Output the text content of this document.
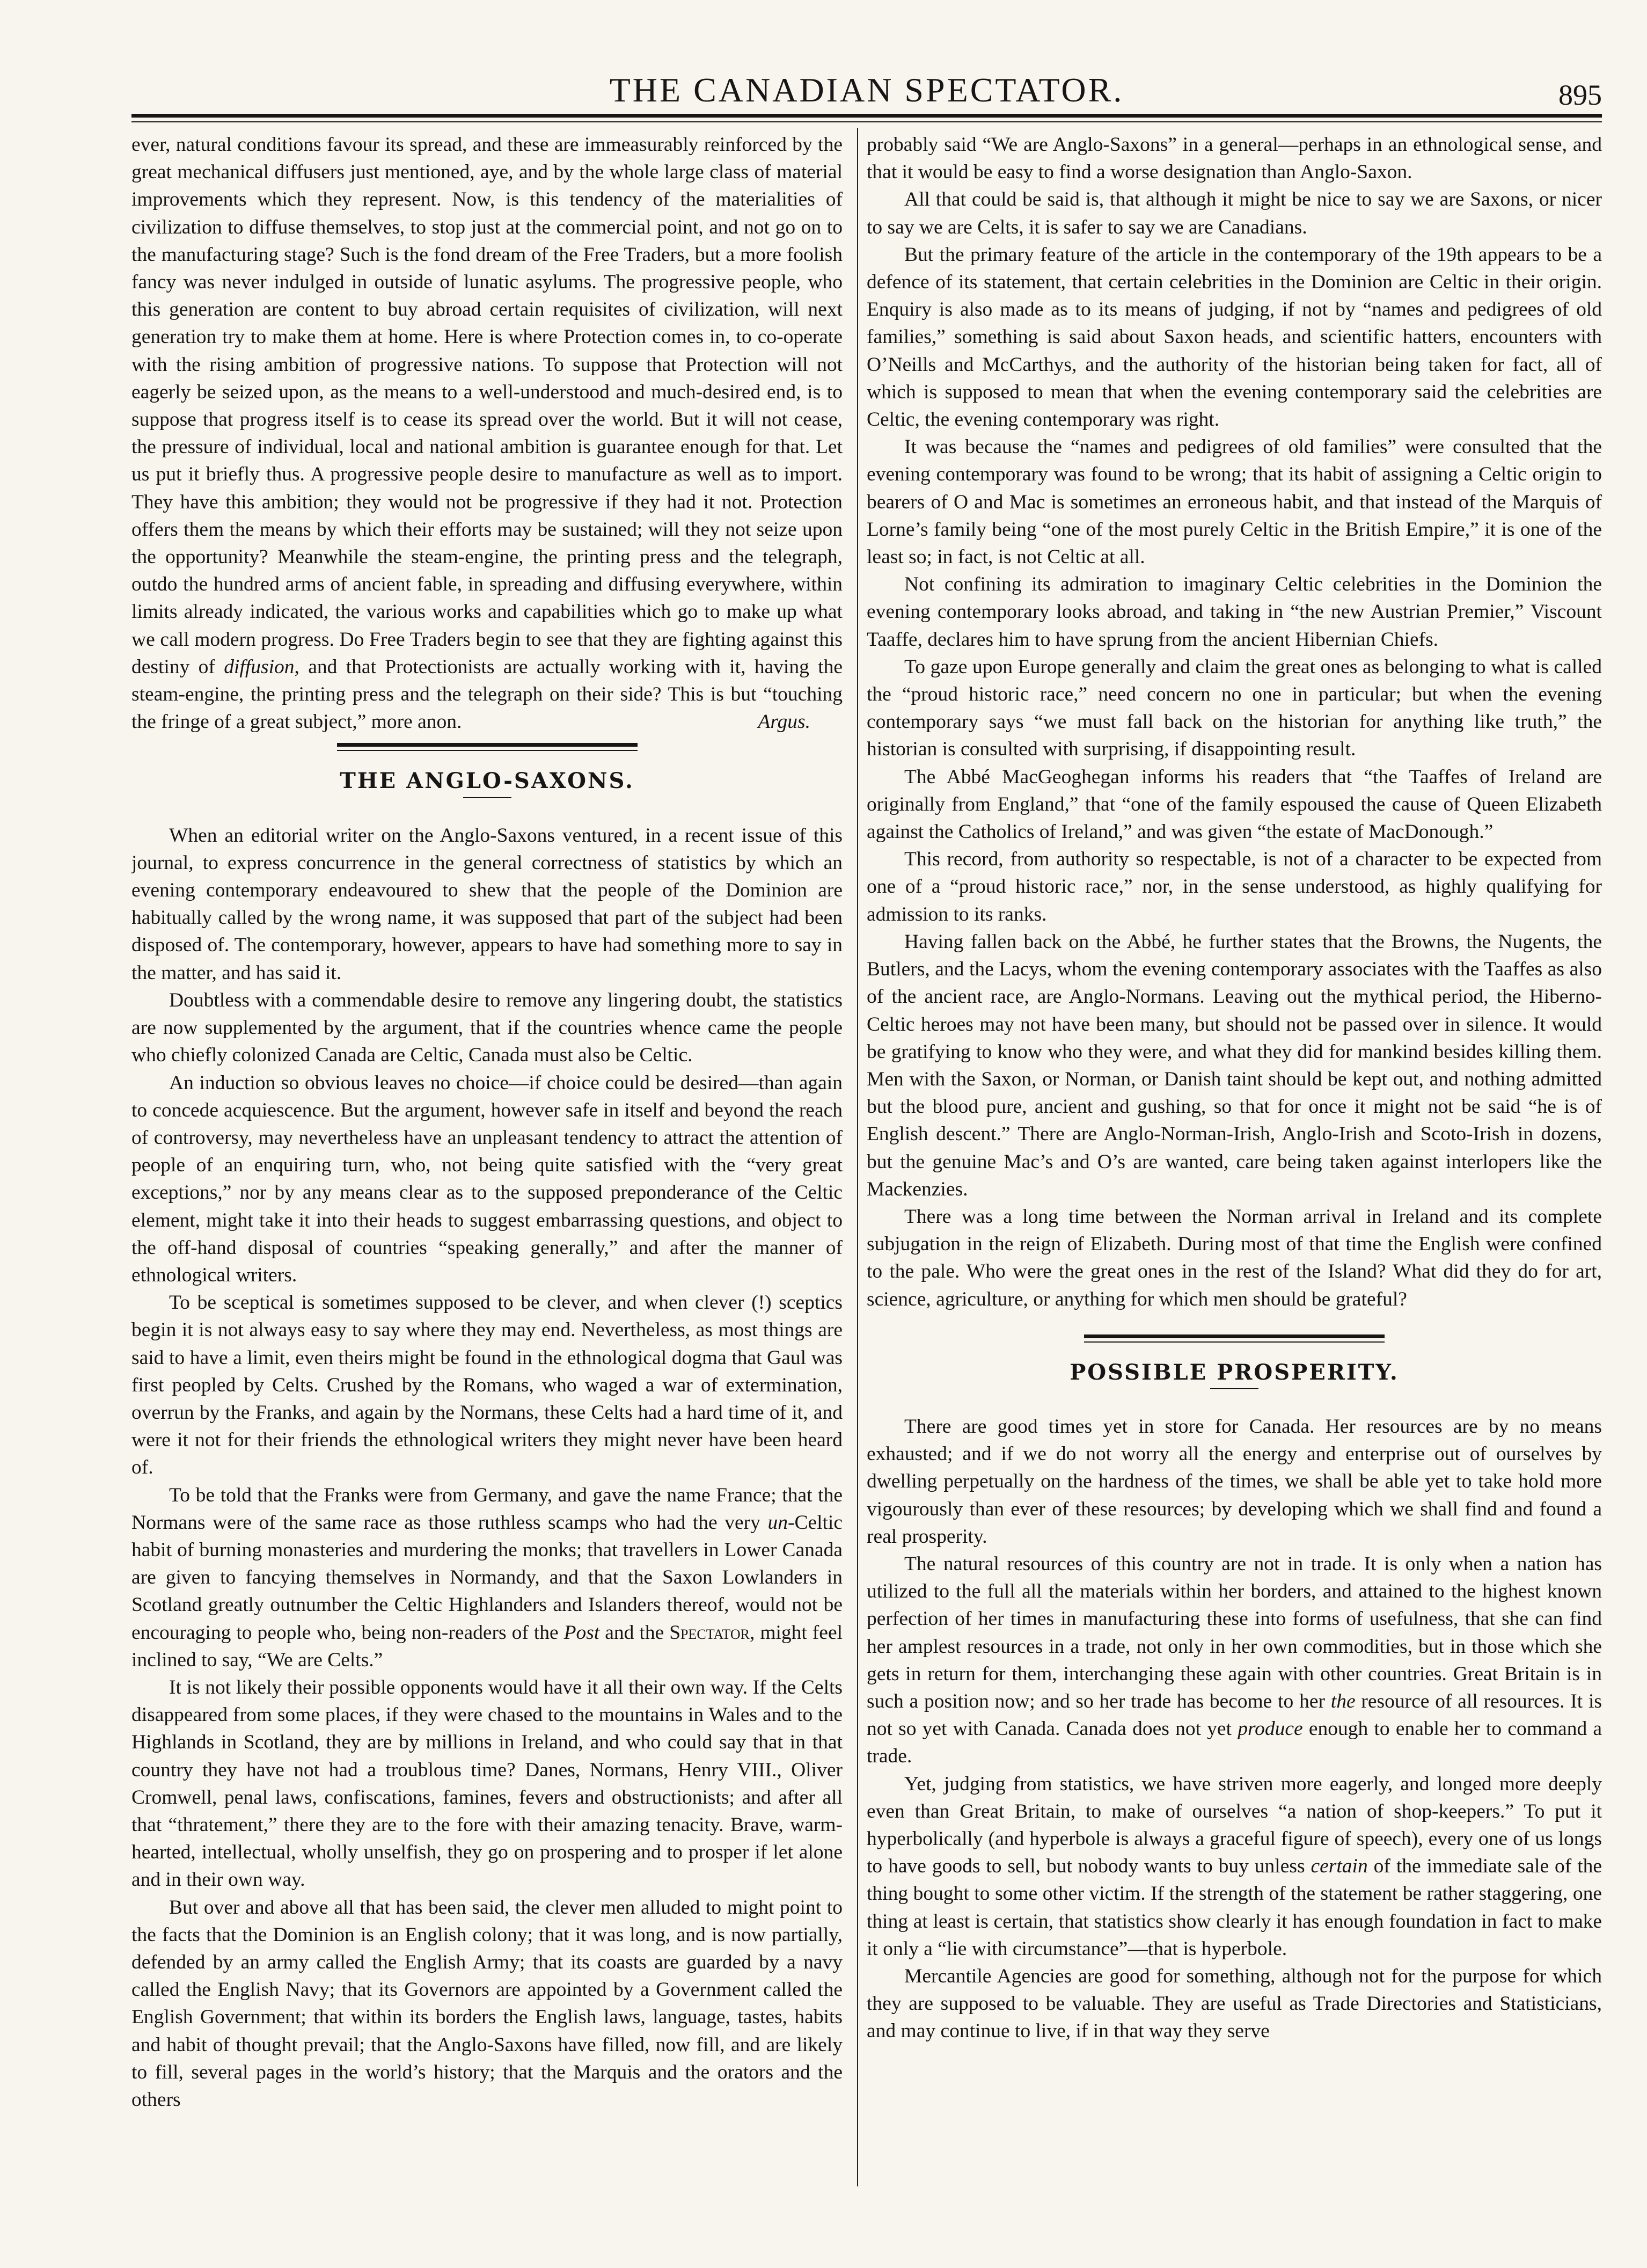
THE CANADIAN SPECTATOR.	895

ever, natural conditions favour its spread, and these are immeasurably reinforced by the great mechanical diffusers just mentioned, aye, and by the whole large class of material improvements which they represent. Now, is this tendency of the materialities of civilization to diffuse themselves, to stop just at the commercial point, and not go on to the manufacturing stage? Such is the fond dream of the Free Traders, but a more foolish fancy was never indulged in outside of lunatic asylums. The progressive people, who this generation are content to buy abroad certain requisites of civilization, will next generation try to make them at home. Here is where Protection comes in, to co-operate with the rising ambition of progressive nations. To suppose that Protection will not eagerly be seized upon, as the means to a well-understood and much-desired end, is to suppose that progress itself is to cease its spread over the world. But it will not cease, the pressure of individual, local and national ambition is guarantee enough for that. Let us put it briefly thus. A progressive people desire to manufacture as well as to import. They have this ambition; they would not be progressive if they had it not. Protection offers them the means by which their efforts may be sustained; will they not seize upon the opportunity? Meanwhile the steam-engine, the printing press and the telegraph, outdo the hundred arms of ancient fable, in spreading and diffusing everywhere, within limits already indicated, the various works and capabilities which go to make up what we call modern progress. Do Free Traders begin to see that they are fighting against this destiny of diffusion, and that Protectionists are actually working with it, having the steam-engine, the printing press and the telegraph on their side? This is but “touching the fringe of a great subject,” more anon.	Argus.

THE ANGLO-SAXONS.

When an editorial writer on the Anglo-Saxons ventured, in a recent issue of this journal, to express concurrence in the general correctness of statistics by which an evening contemporary endeavoured to shew that the people of the Dominion are habitually called by the wrong name, it was supposed that part of the subject had been disposed of. The contemporary, however, appears to have had something more to say in the matter, and has said it.

Doubtless with a commendable desire to remove any lingering doubt, the statistics are now supplemented by the argument, that if the countries whence came the people who chiefly colonized Canada are Celtic, Canada must also be Celtic.

An induction so obvious leaves no choice—if choice could be desired—than again to concede acquiescence. But the argument, however safe in itself and beyond the reach of controversy, may nevertheless have an unpleasant tendency to attract the attention of people of an enquiring turn, who, not being quite satisfied with the “very great exceptions,” nor by any means clear as to the supposed preponderance of the Celtic element, might take it into their heads to suggest embarrassing questions, and object to the off-hand disposal of countries “speaking generally,” and after the manner of ethnological writers.

To be sceptical is sometimes supposed to be clever, and when clever (!) sceptics begin it is not always easy to say where they may end. Nevertheless, as most things are said to have a limit, even theirs might be found in the ethnological dogma that Gaul was first peopled by Celts. Crushed by the Romans, who waged a war of extermination, overrun by the Franks, and again by the Normans, these Celts had a hard time of it, and were it not for their friends the ethnological writers they might never have been heard of.

To be told that the Franks were from Germany, and gave the name France; that the Normans were of the same race as those ruthless scamps who had the very un-Celtic habit of burning monasteries and murdering the monks; that travellers in Lower Canada are given to fancying themselves in Normandy, and that the Saxon Lowlanders in Scotland greatly outnumber the Celtic Highlanders and Islanders thereof, would not be encouraging to people who, being non-readers of the Post and the Spectator, might feel inclined to say, “We are Celts.”

It is not likely their possible opponents would have it all their own way. If the Celts disappeared from some places, if they were chased to the mountains in Wales and to the Highlands in Scotland, they are by millions in Ireland, and who could say that in that country they have not had a troublous time? Danes, Normans, Henry VIII., Oliver Cromwell, penal laws, confiscations, famines, fevers and obstructionists; and after all that “thratement,” there they are to the fore with their amazing tenacity. Brave, warm-hearted, intellectual, wholly unselfish, they go on prospering and to prosper if let alone and in their own way.

But over and above all that has been said, the clever men alluded to might point to the facts that the Dominion is an English colony; that it was long, and is now partially, defended by an army called the English Army; that its coasts are guarded by a navy called the English Navy; that its Governors are appointed by a Government called the English Government; that within its borders the English laws, language, tastes, habits and habit of thought prevail; that the Anglo-Saxons have filled, now fill, and are likely to fill, several pages in the world’s history; that the Marquis and the orators and the others

probably said “We are Anglo-Saxons” in a general—perhaps in an ethnological sense, and that it would be easy to find a worse designation than Anglo-Saxon.

All that could be said is, that although it might be nice to say we are Saxons, or nicer to say we are Celts, it is safer to say we are Canadians.

But the primary feature of the article in the contemporary of the 19th appears to be a defence of its statement, that certain celebrities in the Dominion are Celtic in their origin. Enquiry is also made as to its means of judging, if not by “names and pedigrees of old families,” something is said about Saxon heads, and scientific hatters, encounters with O’Neills and McCarthys, and the authority of the historian being taken for fact, all of which is supposed to mean that when the evening contemporary said the celebrities are Celtic, the evening contemporary was right.

It was because the “names and pedigrees of old families” were consulted that the evening contemporary was found to be wrong; that its habit of assigning a Celtic origin to bearers of O and Mac is sometimes an erroneous habit, and that instead of the Marquis of Lorne’s family being “one of the most purely Celtic in the British Empire,” it is one of the least so; in fact, is not Celtic at all.

Not confining its admiration to imaginary Celtic celebrities in the Dominion the evening contemporary looks abroad, and taking in “the new Austrian Premier,” Viscount Taaffe, declares him to have sprung from the ancient Hibernian Chiefs.

To gaze upon Europe generally and claim the great ones as belonging to what is called the “proud historic race,” need concern no one in particular; but when the evening contemporary says “we must fall back on the historian for anything like truth,” the historian is consulted with surprising, if disappointing result.

The Abbé MacGeoghegan informs his readers that “the Taaffes of Ireland are originally from England,” that “one of the family espoused the cause of Queen Elizabeth against the Catholics of Ireland,” and was given “the estate of MacDonough.”

This record, from authority so respectable, is not of a character to be expected from one of a “proud historic race,” nor, in the sense understood, as highly qualifying for admission to its ranks.

Having fallen back on the Abbé, he further states that the Browns, the Nugents, the Butlers, and the Lacys, whom the evening contemporary associates with the Taaffes as also of the ancient race, are Anglo-Normans. Leaving out the mythical period, the Hiberno-Celtic heroes may not have been many, but should not be passed over in silence. It would be gratifying to know who they were, and what they did for mankind besides killing them. Men with the Saxon, or Norman, or Danish taint should be kept out, and nothing admitted but the blood pure, ancient and gushing, so that for once it might not be said “he is of English descent.” There are Anglo-Norman-Irish, Anglo-Irish and Scoto-Irish in dozens, but the genuine Mac’s and O’s are wanted, care being taken against interlopers like the Mackenzies.

There was a long time between the Norman arrival in Ireland and its complete subjugation in the reign of Elizabeth. During most of that time the English were confined to the pale. Who were the great ones in the rest of the Island? What did they do for art, science, agriculture, or anything for which men should be grateful?

POSSIBLE PROSPERITY.

There are good times yet in store for Canada. Her resources are by no means exhausted; and if we do not worry all the energy and enterprise out of ourselves by dwelling perpetually on the hardness of the times, we shall be able yet to take hold more vigourously than ever of these resources; by developing which we shall find and found a real prosperity.

The natural resources of this country are not in trade. It is only when a nation has utilized to the full all the materials within her borders, and attained to the highest known perfection of her times in manufacturing these into forms of usefulness, that she can find her amplest resources in a trade, not only in her own commodities, but in those which she gets in return for them, interchanging these again with other countries. Great Britain is in such a position now; and so her trade has become to her the resource of all resources. It is not so yet with Canada. Canada does not yet produce enough to enable her to command a trade.

Yet, judging from statistics, we have striven more eagerly, and longed more deeply even than Great Britain, to make of ourselves “a nation of shop-keepers.” To put it hyperbolically (and hyperbole is always a graceful figure of speech), every one of us longs to have goods to sell, but nobody wants to buy unless certain of the immediate sale of the thing bought to some other victim. If the strength of the statement be rather staggering, one thing at least is certain, that statistics show clearly it has enough foundation in fact to make it only a “lie with circumstance”—that is hyperbole.

Mercantile Agencies are good for something, although not for the purpose for which they are supposed to be valuable. They are useful as Trade Directories and Statisticians, and may continue to live, if in that way they serve
